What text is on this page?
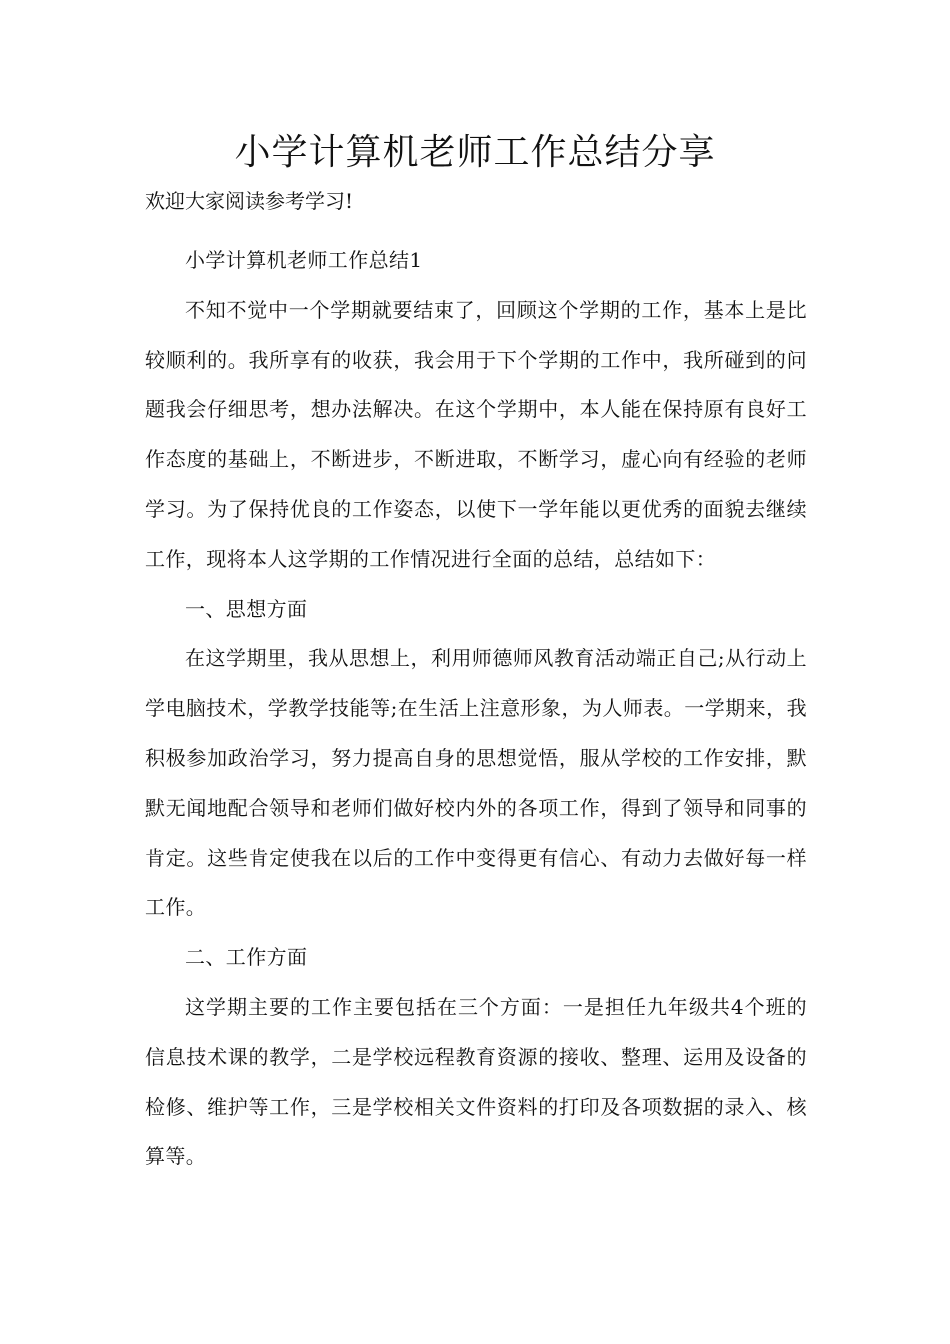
小学计算机老师工作总结分享

欢迎大家阅读参考学习!

小学计算机老师工作总结1

不知不觉中一个学期就要结束了，回顾这个学期的工作，基本上是比较顺利的。我所享有的收获，我会用于下个学期的工作中，我所碰到的问题我会仔细思考，想办法解决。在这个学期中，本人能在保持原有良好工作态度的基础上，不断进步，不断进取，不断学习，虚心向有经验的老师学习。为了保持优良的工作姿态，以使下一学年能以更优秀的面貌去继续工作，现将本人这学期的工作情况进行全面的总结，总结如下：

一、思想方面

在这学期里，我从思想上，利用师德师风教育活动端正自己;从行动上学电脑技术，学教学技能等;在生活上注意形象，为人师表。一学期来，我积极参加政治学习，努力提高自身的思想觉悟，服从学校的工作安排，默默无闻地配合领导和老师们做好校内外的各项工作，得到了领导和同事的肯定。这些肯定使我在以后的工作中变得更有信心、有动力去做好每一样工作。

二、工作方面

这学期主要的工作主要包括在三个方面：一是担任九年级共4个班的信息技术课的教学，二是学校远程教育资源的接收、整理、运用及设备的检修、维护等工作，三是学校相关文件资料的打印及各项数据的录入、核算等。
